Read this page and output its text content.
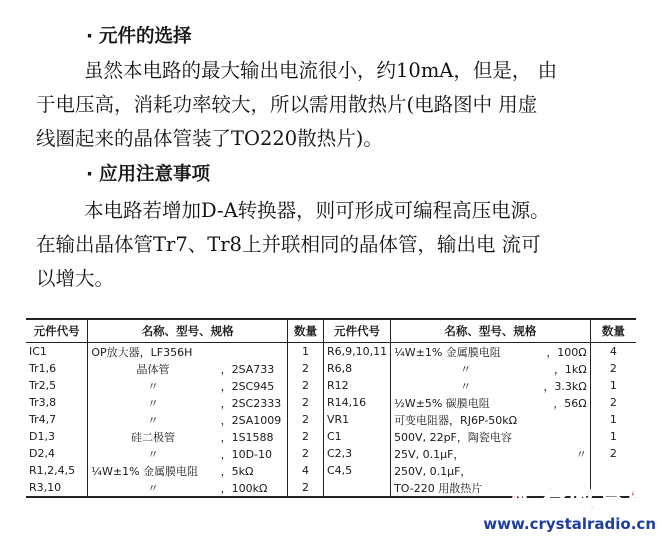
· 元件的选择
虽然本电路的最大输出电流很小，约10mA，但是， 由
于电压高，消耗功率较大，所以需用散热片(电路图中 用虚
线圈起来的晶体管装了TO220散热片)。
· 应用注意事项
本电路若增加D-A转换器，则可形成可编程高压电源。
在输出晶体管Tr7、Tr8上并联相同的晶体管，输出电 流可
以增大。
元件代号	名称、型号、规格		数量	元件代号	名称、型号、规格		数量
IC1	OP放大器，LF356H		1	R6,9,10,11	¼W±1% 金属膜电阻	，100Ω	4
Tr1,6	晶体管	，2SA733	2	R6,8	〃	，1kΩ	2
Tr2,5	〃	，2SC945	2	R12	〃	，3.3kΩ	1
Tr3,8	〃	，2SC2333	2	R14,16	½W±5% 碳膜电阻	，56Ω	2
Tr4,7	〃	，2SA1009	2	VR1	可变电阻器，RJ6P-50kΩ		1
D1,3	硅二极管	，1S1588	2	C1	500V, 22pF，陶瓷电容		1
D2,4	〃	，10D-10	2	C2,3	25V, 0.1μF，	〃	2
R1,2,4,5	¼W±1% 金属膜电阻	，5kΩ	4	C4,5	250V, 0.1μF，		
R3,10	〃	，100kΩ	2		TO-220 用散热片			矿石收音机
www.crystalradio.cn
